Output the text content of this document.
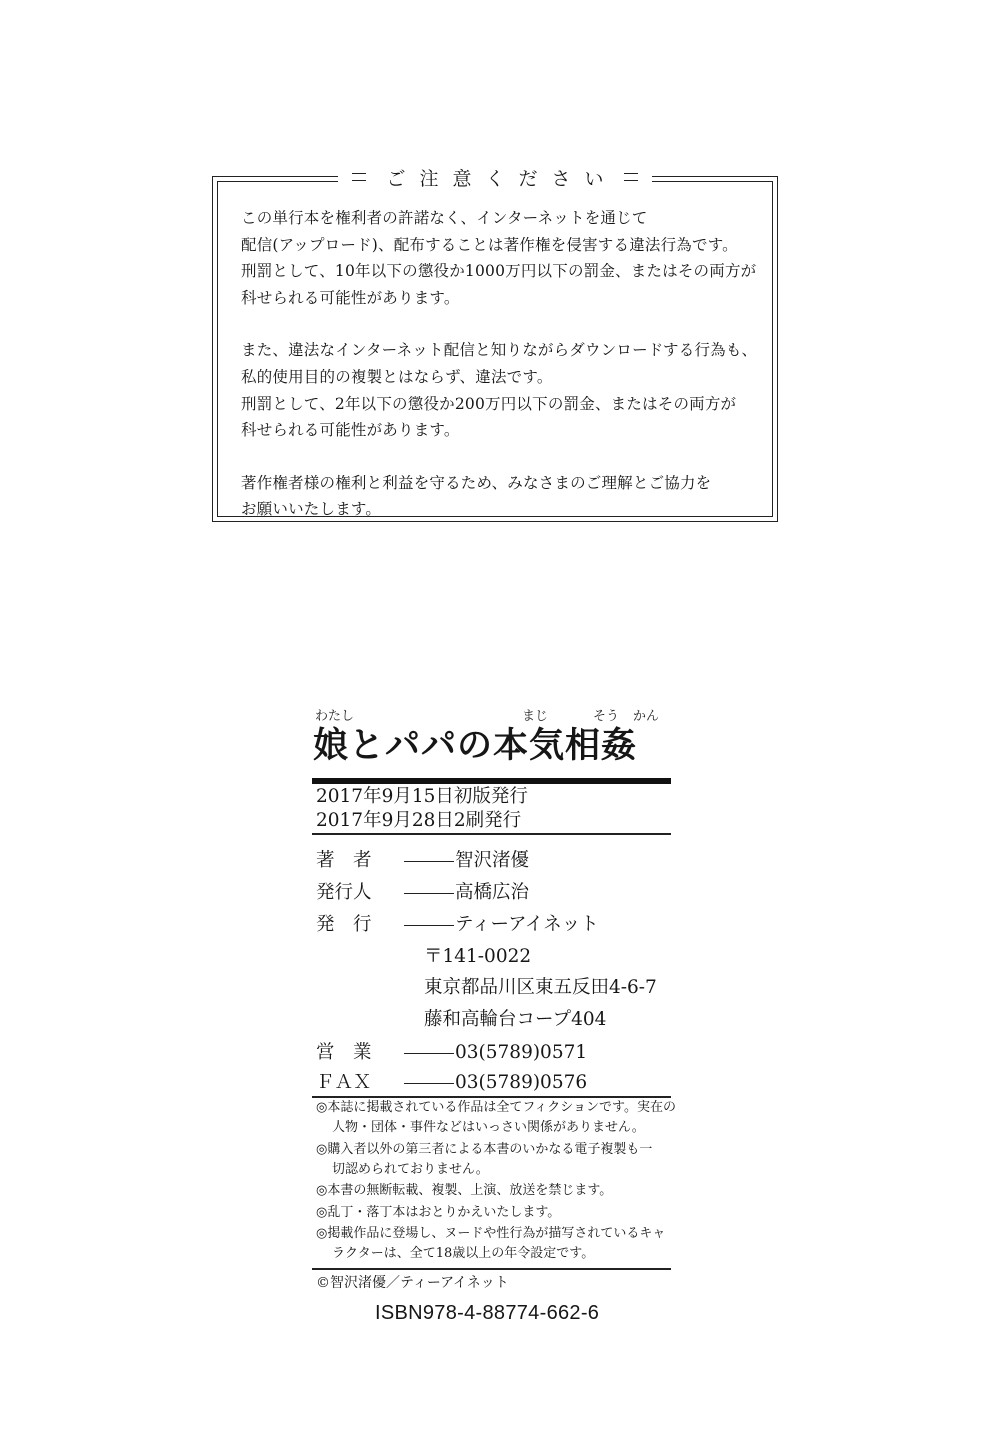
ご注意ください

この単行本を権利者の許諾なく、インターネットを通じて

配信(アップロード)、配布することは著作権を侵害する違法行為です。

刑罰として、10年以下の懲役か1000万円以下の罰金、またはその両方が

科せられる可能性があります。

また、違法なインターネット配信と知りながらダウンロードする行為も、

私的使用目的の複製とはならず、違法です。

刑罰として、2年以下の懲役か200万円以下の罰金、またはその両方が

科せられる可能性があります。

著作権者様の権利と利益を守るため、みなさまのご理解とご協力を

お願いいたします。

わたし	まじ	そう かん
娘とパパの本気相姦
2017年9月15日初版発行
2017年9月28日2刷発行
著　者	智沢渚優
発行人	高橋広治
発　行	ティーアイネット
〒141-0022
東京都品川区東五反田4-6-7
藤和高輪台コープ404
営　業	03(5789)0571
ＦＡＸ	03(5789)0576
◎本誌に掲載されている作品は全てフィクションです。実在の
人物・団体・事件などはいっさい関係がありません。
◎購入者以外の第三者による本書のいかなる電子複製も一
切認められておりません。
◎本書の無断転載、複製、上演、放送を禁じます。
◎乱丁・落丁本はおとりかえいたします。
◎掲載作品に登場し、ヌードや性行為が描写されているキャ
ラクターは、全て18歳以上の年令設定です。
©智沢渚優／ティーアイネット
ISBN978-4-88774-662-6
